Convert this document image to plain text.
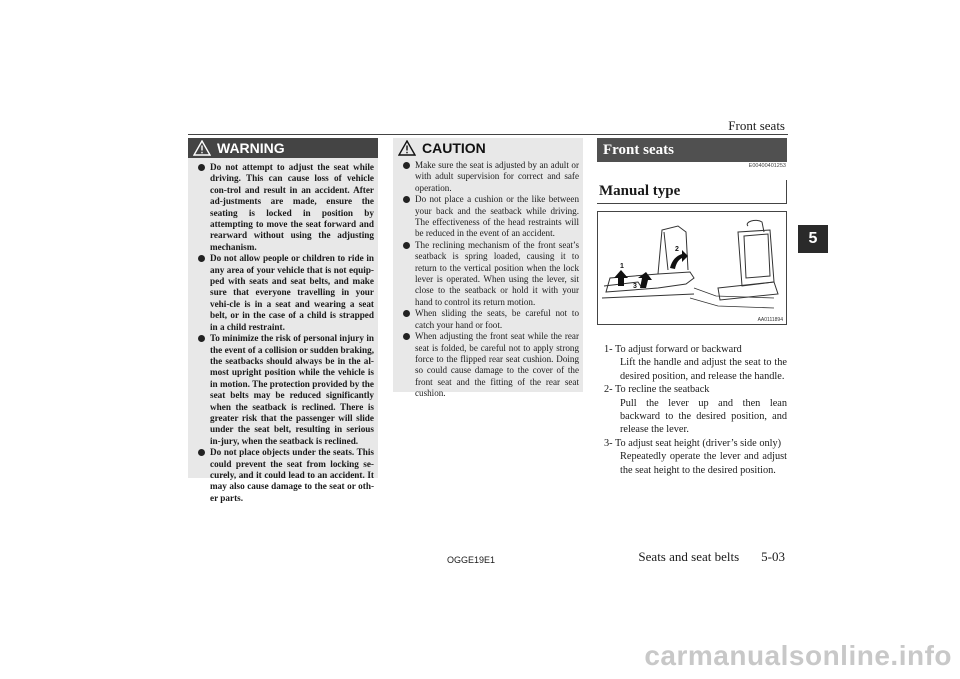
Front seats
5
WARNING
Do not attempt to adjust the seat while driving. This can cause loss of vehicle con-trol and result in an accident. After ad-justments are made, ensure the seating is locked in position by attempting to move the seat forward and rearward without using the adjusting mechanism.
Do not allow people or children to ride in any area of your vehicle that is not equip-ped with seats and seat belts, and make sure that everyone travelling in your vehi-cle is in a seat and wearing a seat belt, or in the case of a child is strapped in a child restraint.
To minimize the risk of personal injury in the event of a collision or sudden braking, the seatbacks should always be in the al-most upright position while the vehicle is in motion. The protection provided by the seat belts may be reduced significantly when the seatback is reclined. There is greater risk that the passenger will slide under the seat belt, resulting in serious in-jury, when the seatback is reclined.
Do not place objects under the seats. This could prevent the seat from locking se-curely, and it could lead to an accident. It may also cause damage to the seat or oth-er parts.
CAUTION
Make sure the seat is adjusted by an adult or with adult supervision for correct and safe operation.
Do not place a cushion or the like between your back and the seatback while driving. The effectiveness of the head restraints will be reduced in the event of an accident.
The reclining mechanism of the front seat’s seatback is spring loaded, causing it to return to the vertical position when the lock lever is operated. When using the lever, sit close to the seatback or hold it with your hand to control its return motion.
When sliding the seats, be careful not to catch your hand or foot.
When adjusting the front seat while the rear seat is folded, be careful not to apply strong force to the flipped rear seat cushion. Doing so could cause damage to the cover of the front seat and the fitting of the rear seat cushion.
Front seats
E00400401253
Manual type
1
2
3
AA0111894
1- To adjust forward or backward
Lift the handle and adjust the seat to the desired position, and release the handle.
2- To recline the seatback
Pull the lever up and then lean backward to the desired position, and release the lever.
3- To adjust seat height (driver’s side only)
Repeatedly operate the lever and adjust the seat height to the desired position.
OGGE19E1	Seats and seat belts 5-03
carmanualsonline.info
